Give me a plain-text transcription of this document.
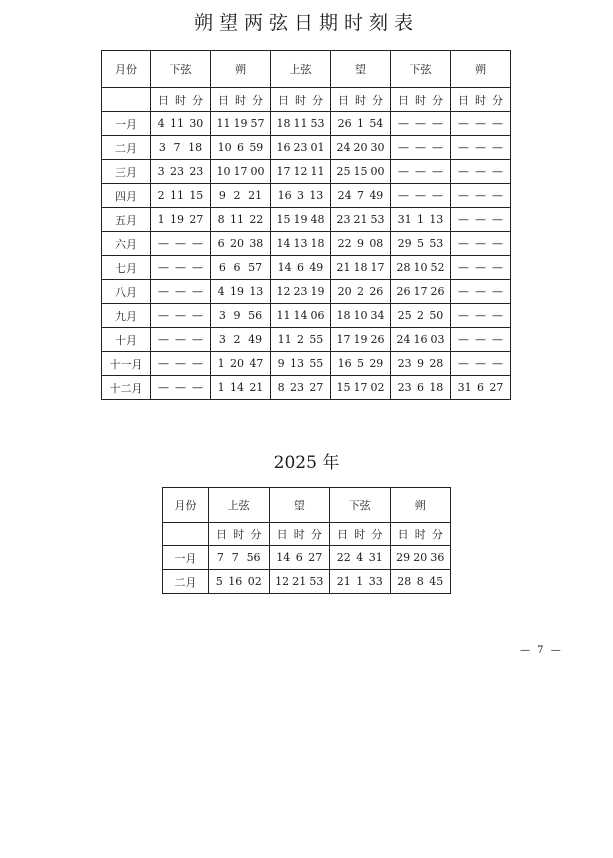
朔望两弦日期时刻表
月份	下弦	朔	上弦	望	下弦	朔

	日 时 分	日 时 分	日 时 分	日 时 分	日 时 分	日 时 分

一月	4 11 30	11 19 57	18 11 53	26 1 54	— — —	— — —

二月	3 7 18	10 6 59	16 23 01	24 20 30	— — —	— — —

三月	3 23 23	10 17 00	17 12 11	25 15 00	— — —	— — —

四月	2 11 15	9 2 21	16 3 13	24 7 49	— — —	— — —

五月	1 19 27	8 11 22	15 19 48	23 21 53	31 1 13	— — —

六月	— — —	6 20 38	14 13 18	22 9 08	29 5 53	— — —

七月	— — —	6 6 57	14 6 49	21 18 17	28 10 52	— — —

八月	— — —	4 19 13	12 23 19	20 2 26	26 17 26	— — —

九月	— — —	3 9 56	11 14 06	18 10 34	25 2 50	— — —

十月	— — —	3 2 49	11 2 55	17 19 26	24 16 03	— — —

十一月	— — —	1 20 47	9 13 55	16 5 29	23 9 28	— — —

十二月	— — —	1 14 21	8 23 27	15 17 02	23 6 18	31 6 27
2025 年
月份	上弦	望	下弦	朔

	日 时 分	日 时 分	日 时 分	日 时 分

一月	7 7 56	14 6 27	22 4 31	29 20 36

二月	5 16 02	12 21 53	21 1 33	28 8 45
— 7 —
